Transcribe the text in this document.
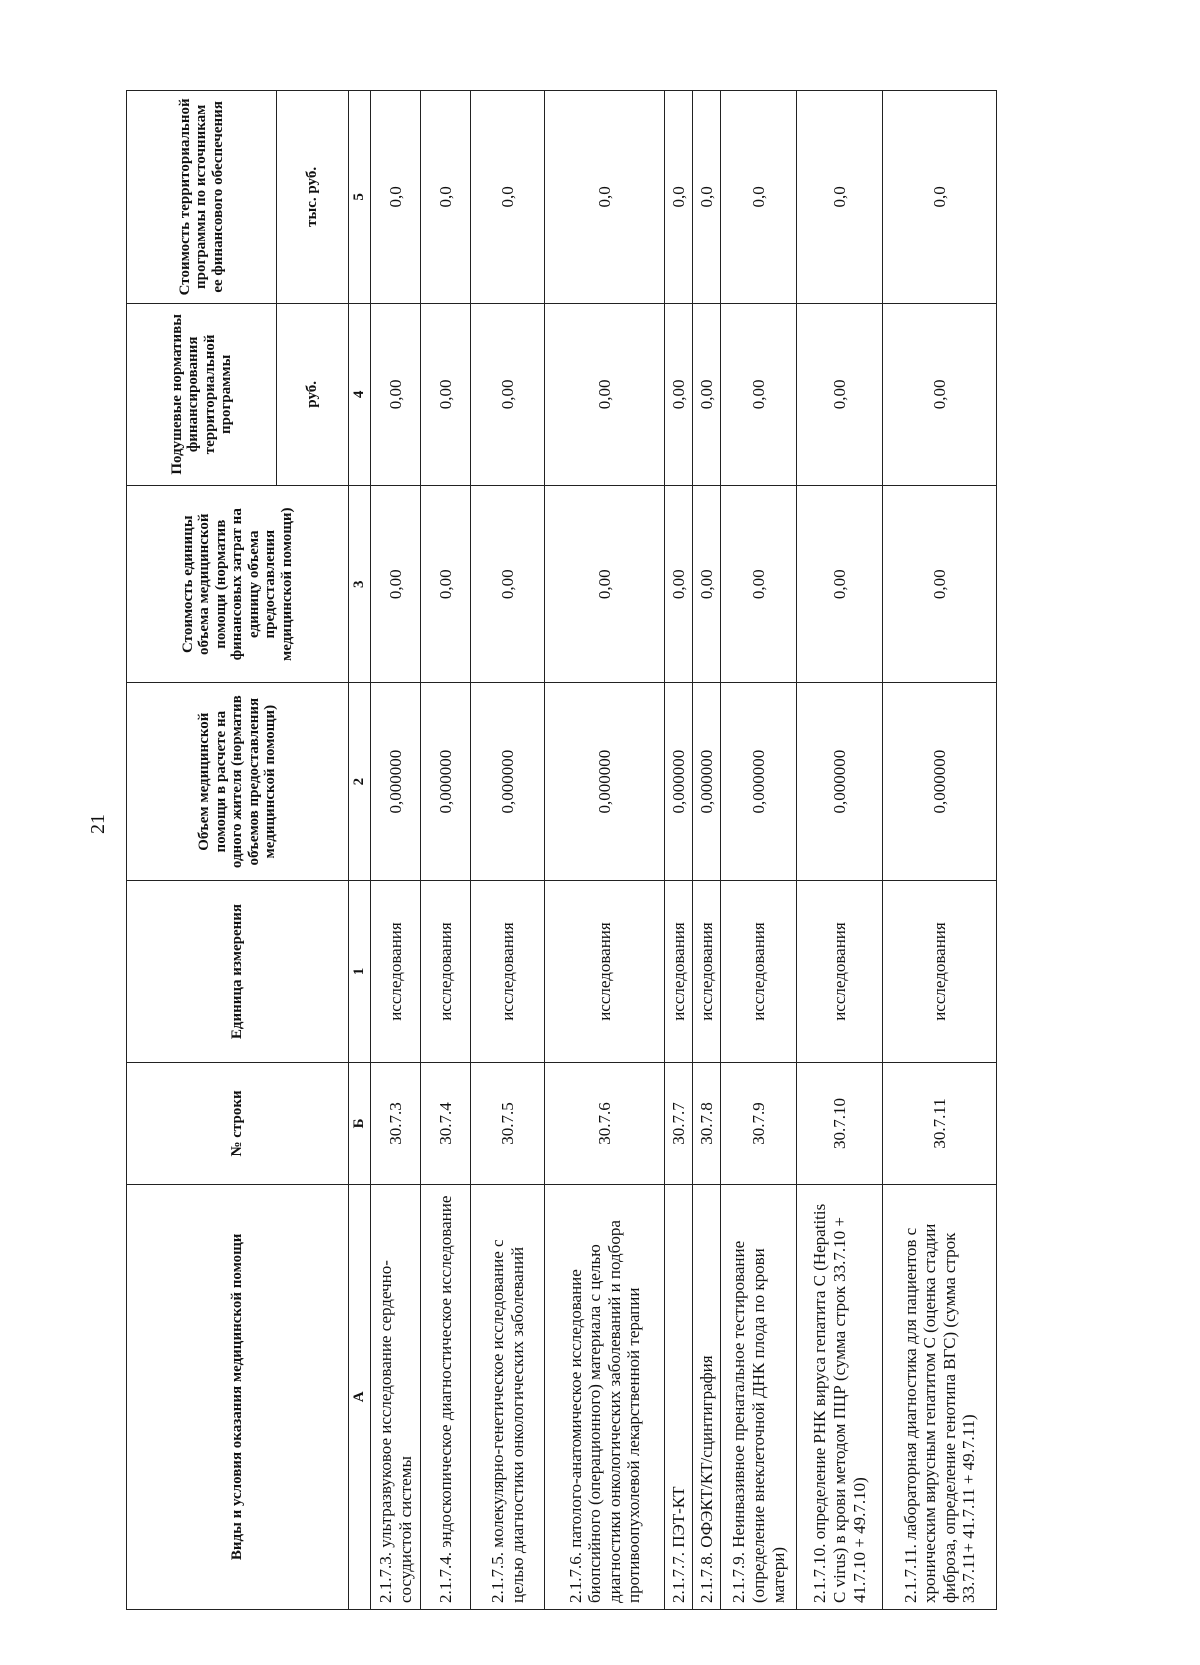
21
Виды и условия оказания медицинской помощи	№ строки	Единица измерения	Объем медицинской помощи в расчете на одного жителя (норматив объемов предоставления медицинской помощи)	Стоимость единицы объема медицинской помощи (норматив финансовых затрат на единицу объема предоставления медицинской помощи)	Подушевые нормативы финансирования территориальной программы	Стоимость территориальной программы по источникам ее финансового обеспечения
					руб.	тыс. руб.
А	Б	1	2	3	4	5
2.1.7.3. ультразвуковое исследование сердечно-сосудистой системы	30.7.3	исследования	0,000000	0,00	0,00	0,0
2.1.7.4. эндоскопическое диагностическое исследование	30.7.4	исследования	0,000000	0,00	0,00	0,0
2.1.7.5. молекулярно-генетическое исследование с целью диагностики онкологических заболеваний	30.7.5	исследования	0,000000	0,00	0,00	0,0
2.1.7.6. патолого-анатомическое исследование биопсийного (операционного) материала с целью диагностики онкологических заболеваний и подбора противоопухолевой лекарственной терапии	30.7.6	исследования	0,000000	0,00	0,00	0,0
2.1.7.7. ПЭТ-КТ	30.7.7	исследования	0,000000	0,00	0,00	0,0
2.1.7.8. ОФЭКТ/КТ/сцинтиграфия	30.7.8	исследования	0,000000	0,00	0,00	0,0
2.1.7.9. Неинвазивное пренатальное тестирование (определение внеклеточной ДНК плода по крови матери)	30.7.9	исследования	0,000000	0,00	0,00	0,0
2.1.7.10. определение РНК вируса гепатита C (Hepatitis C virus) в крови методом ПЦР (сумма строк 33.7.10 + 41.7.10 + 49.7.10)	30.7.10	исследования	0,000000	0,00	0,00	0,0
2.1.7.11. лабораторная диагностика для пациентов с хроническим вирусным гепатитом C (оценка стадии фиброза, определение генотипа ВГС) (сумма строк 33.7.11+ 41.7.11 + 49.7.11)	30.7.11	исследования	0,000000	0,00	0,00	0,0
